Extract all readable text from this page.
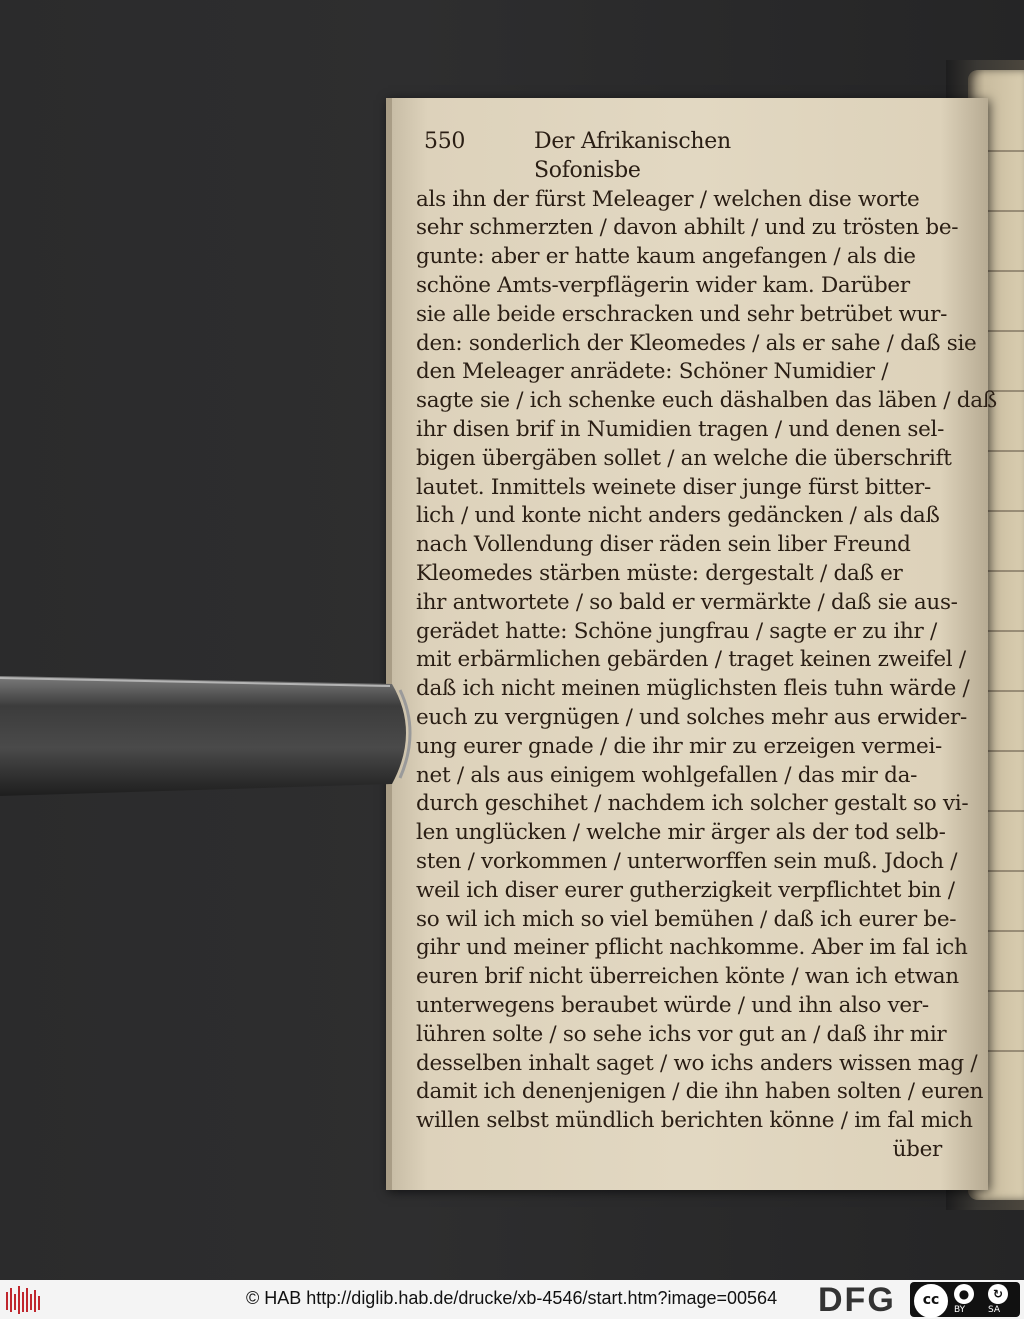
550	Der Afrikanischen Sofonisbe
als ihn der fürst Meleager / welchen dise worte
sehr schmerzten / davon abhilt / und zu trösten be-
gunte: aber er hatte kaum angefangen / als die
schöne Amts-verpflägerin wider kam. Darüber
sie alle beide erschracken und sehr betrübet wur-
den: sonderlich der Kleomedes / als er sahe / daß sie
den Meleager anrädete: Schöner Numidier /
sagte sie / ich schenke euch däshalben das läben / daß
ihr disen brif in Numidien tragen / und denen sel-
bigen übergäben sollet / an welche die überschrift
lautet. Inmittels weinete diser junge fürst bitter-
lich / und konte nicht anders gedäncken / als daß
nach Vollendung diser räden sein liber Freund
Kleomedes stärben müste: dergestalt / daß er
ihr antwortete / so bald er vermärkte / daß sie aus-
gerädet hatte: Schöne jungfrau / sagte er zu ihr /
mit erbärmlichen gebärden / traget keinen zweifel /
daß ich nicht meinen müglichsten fleis tuhn wärde /
euch zu vergnügen / und solches mehr aus erwider-
ung eurer gnade / die ihr mir zu erzeigen vermei-
net / als aus einigem wohlgefallen / das mir da-
durch geschihet / nachdem ich solcher gestalt so vi-
len unglücken / welche mir ärger als der tod selb-
sten / vorkommen / unterworffen sein muß. Jdoch /
weil ich diser eurer gutherzigkeit verpflichtet bin /
so wil ich mich so viel bemühen / daß ich eurer be-
gihr und meiner pflicht nachkomme. Aber im fal ich
euren brif nicht überreichen könte / wan ich etwan
unterwegens beraubet würde / und ihn also ver-
lühren solte / so sehe ichs vor gut an / daß ihr mir
desselben inhalt saget / wo ichs anders wissen mag /
damit ich denenjenigen / die ihn haben solten / euren
willen selbst mündlich berichten könne / im fal mich
über
© HAB http://diglib.hab.de/drucke/xb-4546/start.htm?image=00564 DFG	cc	●
BY
↻
SA
